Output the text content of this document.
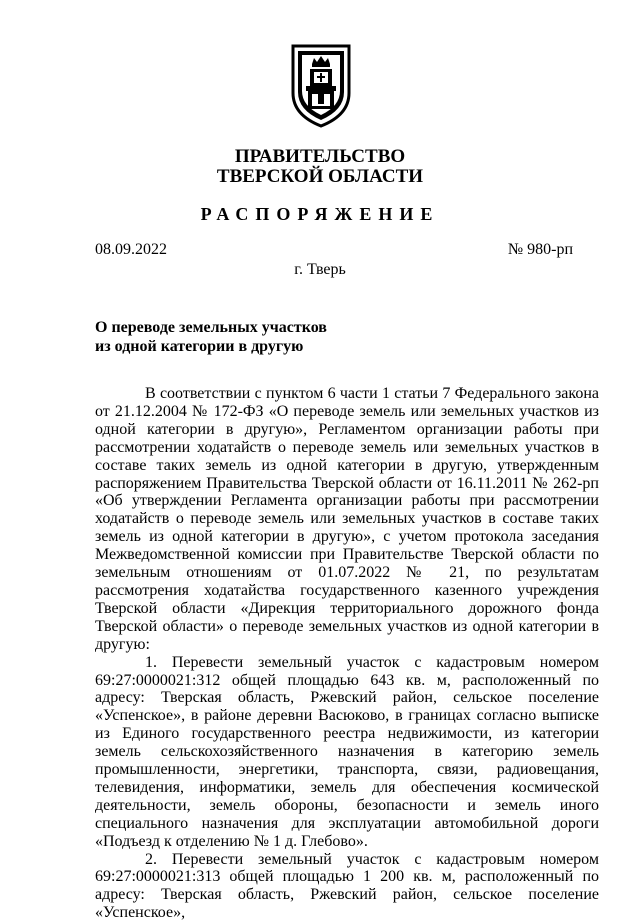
ПРАВИТЕЛЬСТВО
ТВЕРСКОЙ ОБЛАСТИ
РАСПОРЯЖЕНИЕ
08.09.2022	№ 980-рп
г. Тверь
О переводе земельных участков
из одной категории в другую

В соответствии с пунктом 6 части 1 статьи 7 Федерального закона от 21.12.2004 № 172-ФЗ «О переводе земель или земельных участков из одной категории в другую», Регламентом организации работы при рассмотрении ходатайств о переводе земель или земельных участков в составе таких земель из одной категории в другую, утвержденным распоряжением Правительства Тверской области от 16.11.2011 № 262-рп «Об утверждении Регламента организации работы при рассмотрении ходатайств о переводе земель или земельных участков в составе таких земель из одной категории в другую», с учетом протокола заседания Межведомственной комиссии при Правительстве Тверской области по земельным отношениям от 01.07.2022 № 21, по результатам рассмотрения ходатайства государственного казенного учреждения Тверской области «Дирекция территориального дорожного фонда Тверской области» о переводе земельных участков из одной категории в другую:

1. Перевести земельный участок с кадастровым номером 69:27:0000021:312 общей площадью 643 кв. м, расположенный по адресу: Тверская область, Ржевский район, сельское поселение «Успенское», в районе деревни Васюково, в границах согласно выписке из Единого государственного реестра недвижимости, из категории земель сельскохозяйственного назначения в категорию земель промышленности, энергетики, транспорта, связи, радиовещания, телевидения, информатики, земель для обеспечения космической деятельности, земель обороны, безопасности и земель иного специального назначения для эксплуатации автомобильной дороги «Подъезд к отделению № 1 д. Глебово».

2. Перевести земельный участок с кадастровым номером 69:27:0000021:313 общей площадью 1 200 кв. м, расположенный по адресу: Тверская область, Ржевский район, сельское поселение «Успенское»,
